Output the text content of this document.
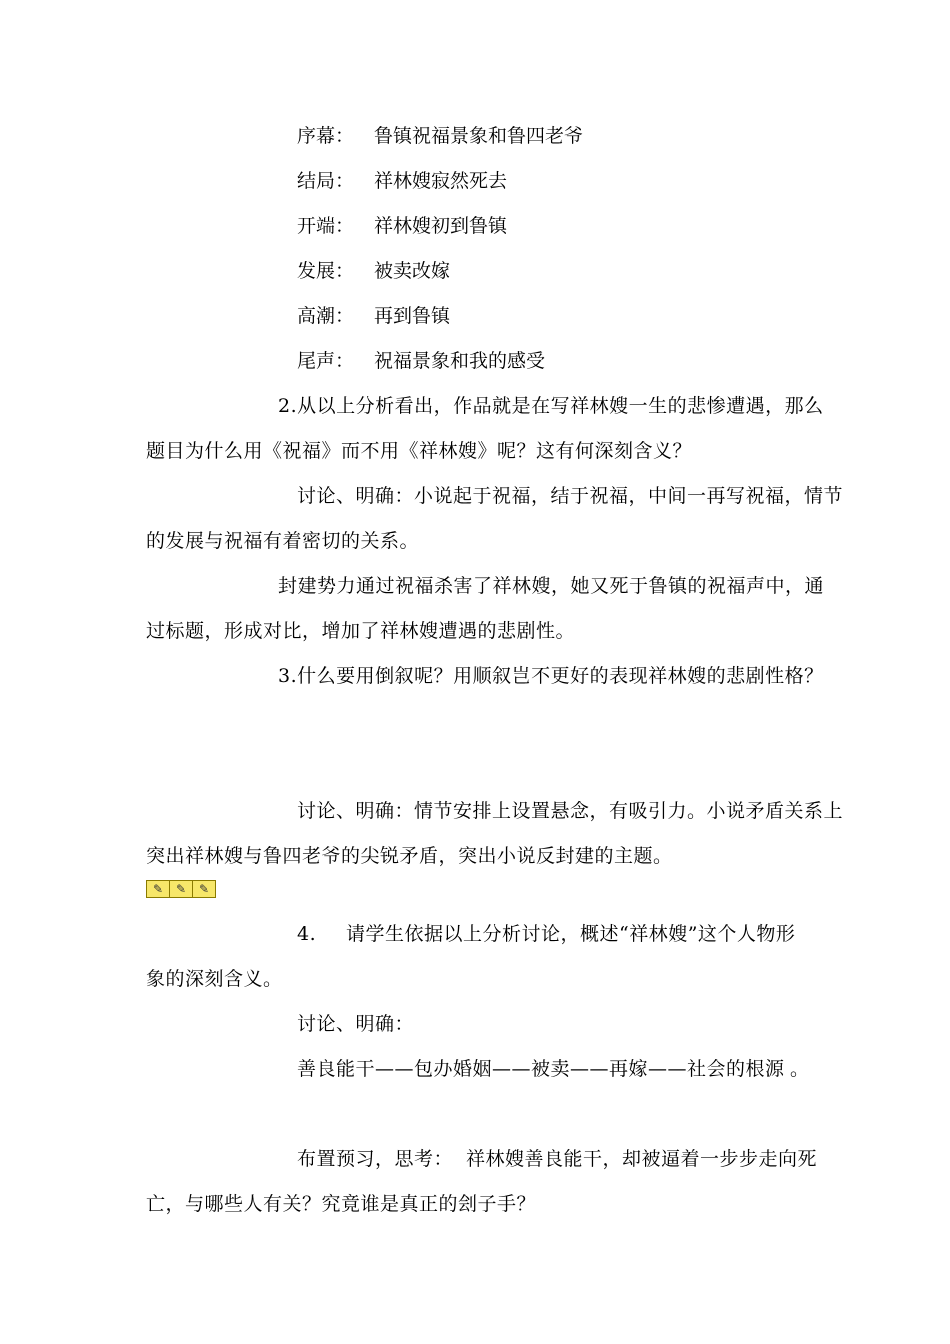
序幕： 鲁镇祝福景象和鲁四老爷
结局： 祥林嫂寂然死去
开端： 祥林嫂初到鲁镇
发展： 被卖改嫁
高潮： 再到鲁镇
尾声： 祝福景象和我的感受
2.从以上分析看出，作品就是在写祥林嫂一生的悲惨遭遇，那么
题目为什么用《祝福》而不用《祥林嫂》呢？这有何深刻含义？
讨论、明确：小说起于祝福，结于祝福，中间一再写祝福，情节
的发展与祝福有着密切的关系。
封建势力通过祝福杀害了祥林嫂，她又死于鲁镇的祝福声中，通
过标题，形成对比，增加了祥林嫂遭遇的悲剧性。
3.什么要用倒叙呢？用顺叙岂不更好的表现祥林嫂的悲剧性格？
讨论、明确：情节安排上设置悬念，有吸引力。小说矛盾关系上
突出祥林嫂与鲁四老爷的尖锐矛盾，突出小说反封建的主题。
✎	✎	✎
4. 请学生依据以上分析讨论，概述“祥林嫂”这个人物形
象的深刻含义。
讨论、明确：
善良能干——包办婚姻——被卖——再嫁——社会的根源 。
布置预习，思考： 祥林嫂善良能干，却被逼着一步步走向死
亡，与哪些人有关？究竟谁是真正的刽子手？
